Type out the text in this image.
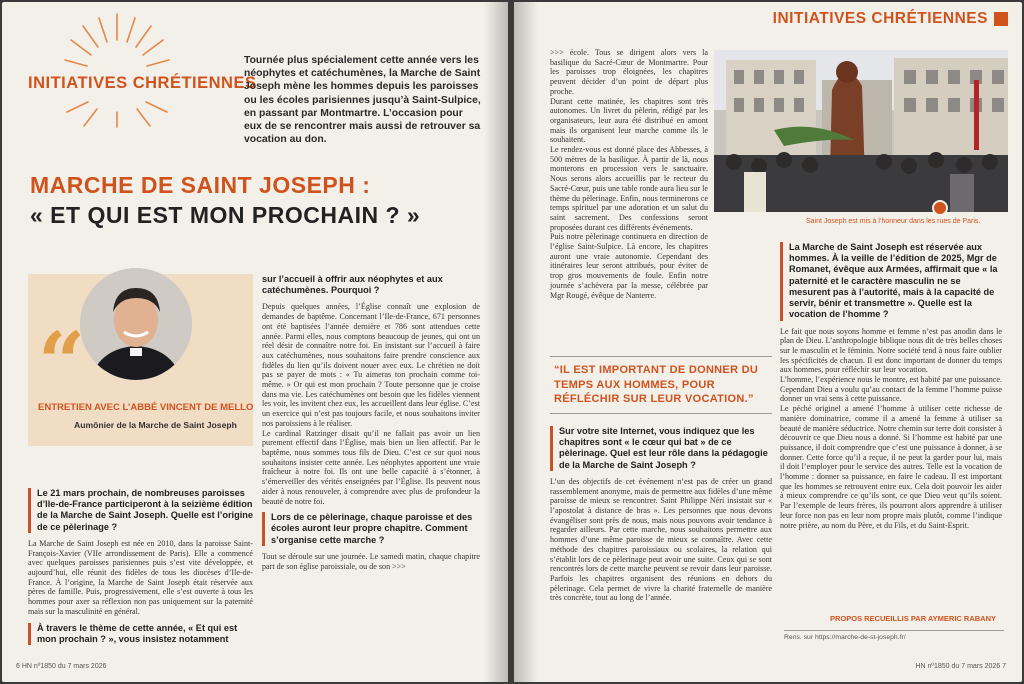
INITIATIVES CHRÉTIENNES
Tournée plus spécialement cette année vers les néophytes et catéchumènes, la Marche de Saint Joseph mène les hommes depuis les paroisses ou les écoles parisiennes jusqu’à Saint-Sulpice, en passant par Montmartre. L’occasion pour eux de se rencontrer mais aussi de retrouver sa vocation au don.
MARCHE DE SAINT JOSEPH :
« ET QUI EST MON PROCHAIN ? »
“
ENTRETIEN AVEC L’ABBÉ VINCENT DE MELLO
Aumônier de la Marche de Saint Joseph
Le 21 mars prochain, de nombreuses paroisses d’Ile-de-France participeront à la seizième édition de la Marche de Saint Joseph. Quelle est l’origine de ce pèlerinage ?

La Marche de Saint Joseph est née en 2010, dans la paroisse Saint-François-Xavier (VIIe arrondissement de Paris). Elle a commencé avec quelques paroisses parisiennes puis s’est vite développée, et aujourd’hui, elle réunit des fidèles de tous les diocèses d’Ile-de-France. À l’origine, la Marche de Saint Joseph était réservée aux pères de famille. Puis, progressivement, elle s’est ouverte à tous les hommes pour axer sa réflexion non pas uniquement sur la paternité mais sur la masculinité en général.

À travers le thème de cette année, « Et qui est mon prochain ? », vous insistez notamment
sur l’accueil à offrir aux néophytes et aux catéchumènes. Pourquoi ?

Depuis quelques années, l’Église connaît une explosion de demandes de baptême. Concernant l’Ile-de-France, 671 personnes ont été baptisées l’année dernière et 786 sont attendues cette année. Parmi elles, nous comptons beaucoup de jeunes, qui ont un réel désir de connaître notre foi. En insistant sur l’accueil à faire aux catéchumènes, nous souhaitons faire prendre conscience aux fidèles du lien qu’ils doivent nouer avec eux. Le chrétien ne doit pas se payer de mots : « Tu aimeras ton prochain comme toi-même. » Or qui est mon prochain ? Toute personne que je croise dans ma vie. Les catéchumènes ont besoin que les fidèles viennent les voir, les invitent chez eux, les accueillent dans leur église. C’est un exercice qui n’est pas toujours facile, et nous souhaitons inviter nos paroissiens à le réaliser.

Le cardinal Ratzinger disait qu’il ne fallait pas avoir un lien purement effectif dans l’Église, mais bien un lien affectif. Par le baptême, nous sommes tous fils de Dieu. C’est ce sur quoi nous souhaitons insister cette année. Les néophytes apportent une vraie fraîcheur à notre foi. Ils ont une belle capacité à s’étonner, à s’émerveiller des vérités enseignées par l’Église. Ils peuvent nous aider à nous renouveler, à comprendre avec plus de profondeur la beauté de notre foi.

Lors de ce pèlerinage, chaque paroisse et des écoles auront leur propre chapitre. Comment s’organise cette marche ?

Tout se déroule sur une journée. Le samedi matin, chaque chapitre part de son église paroissiale, ou de son >>>

6 HN nº1850 du 7 mars 2026
INITIATIVES CHRÉTIENNES
Saint Joseph est mis à l’honneur dans les rues de Paris.

>>> école. Tous se dirigent alors vers la basilique du Sacré-Cœur de Montmartre. Pour les paroisses trop éloignées, les chapitres peuvent décider d’un point de départ plus proche.

Durant cette matinée, les chapitres sont très autonomes. Un livret du pèlerin, rédigé par les organisateurs, leur aura été distribué en amont mais ils organisent leur marche comme ils le souhaitent.

Le rendez-vous est donné place des Abbesses, à 500 mètres de la basilique. À partir de là, nous monterons en procession vers le sanctuaire. Nous serons alors accueillis par le recteur du Sacré-Cœur, puis une table ronde aura lieu sur le thème du pèlerinage. Enfin, nous terminerons ce temps spirituel par une adoration et un salut du saint sacrement. Des confessions seront proposées durant ces différents événements.

Puis notre pèlerinage continuera en direction de l’église Saint-Sulpice. Là encore, les chapitres auront une vraie autonomie. Cependant des itinéraires leur seront attribués, pour éviter de trop gros mouvements de foule. Enfin notre journée s’achèvera par la messe, célébrée par Mgr Rougé, évêque de Nanterre.

“IL EST IMPORTANT DE DONNER DU TEMPS AUX HOMMES, POUR RÉFLÉCHIR SUR LEUR VOCATION.”
Sur votre site Internet, vous indiquez que les chapitres sont « le cœur qui bat » de ce pèlerinage. Quel est leur rôle dans la pédagogie de la Marche de Saint Joseph ?

L’un des objectifs de cet événement n’est pas de créer un grand rassemblement anonyme, mais de permettre aux fidèles d’une même paroisse de mieux se rencontrer. Saint Philippe Néri insistait sur « l’apostolat à distance de bras ». Les personnes que nous devons évangéliser sont près de nous, mais nous pouvons avoir tendance à regarder ailleurs. Par cette marche, nous souhaitons permettre aux hommes d’une même paroisse de mieux se connaître. Avec cette méthode des chapitres paroissiaux ou scolaires, la relation qui s’établit lors de ce pèlerinage peut avoir une suite. Ceux qui se sont rencontrés lors de cette marche peuvent se revoir dans leur paroisse. Parfois les chapitres organisent des réunions en dehors du pèlerinage. Cela permet de vivre la charité fraternelle de manière très concrète, tout au long de l’année.

La Marche de Saint Joseph est réservée aux hommes. À la veille de l’édition de 2025, Mgr de Romanet, évêque aux Armées, affirmait que « la paternité et le caractère masculin ne se mesurent pas à l’autorité, mais à la capacité de servir, bénir et transmettre ». Quelle est la vocation de l’homme ?

Le fait que nous soyons homme et femme n’est pas anodin dans le plan de Dieu. L’anthropologie biblique nous dit de très belles choses sur le masculin et le féminin. Notre société tend à nous faire oublier les spécificités de chacun. Il est donc important de donner du temps aux hommes, pour réfléchir sur leur vocation.

L’homme, l’expérience nous le montre, est habité par une puissance. Cependant Dieu a voulu qu’au contact de la femme l’homme puisse donner un vrai sens à cette puissance.

Le péché originel a amené l’homme à utiliser cette richesse de manière dominatrice, comme il a amené la femme à utiliser sa beauté de manière séductrice. Notre chemin sur terre doit consister à découvrir ce que Dieu nous a donné. Si l’homme est habité par une puissance, il doit comprendre que c’est une puissance à donner, à se donner. Cette force qu’il a reçue, il ne peut la garder pour lui, mais il doit l’employer pour le service des autres. Telle est la vocation de l’homme : donner sa puissance, en faire le cadeau. Il est important que les hommes se retrouvent entre eux. Cela doit pouvoir les aider à mieux comprendre ce qu’ils sont, ce que Dieu veut qu’ils soient. Par l’exemple de leurs frères, ils pourront alors apprendre à utiliser leur force non pas en leur nom propre mais plutôt, comme l’indique notre prière, au nom du Père, et du Fils, et du Saint-Esprit.

PROPOS RECUEILLIS PAR AYMERIC RABANY
Rens. sur https://marche-de-st-joseph.fr/
HN nº1850 du 7 mars 2026 7
